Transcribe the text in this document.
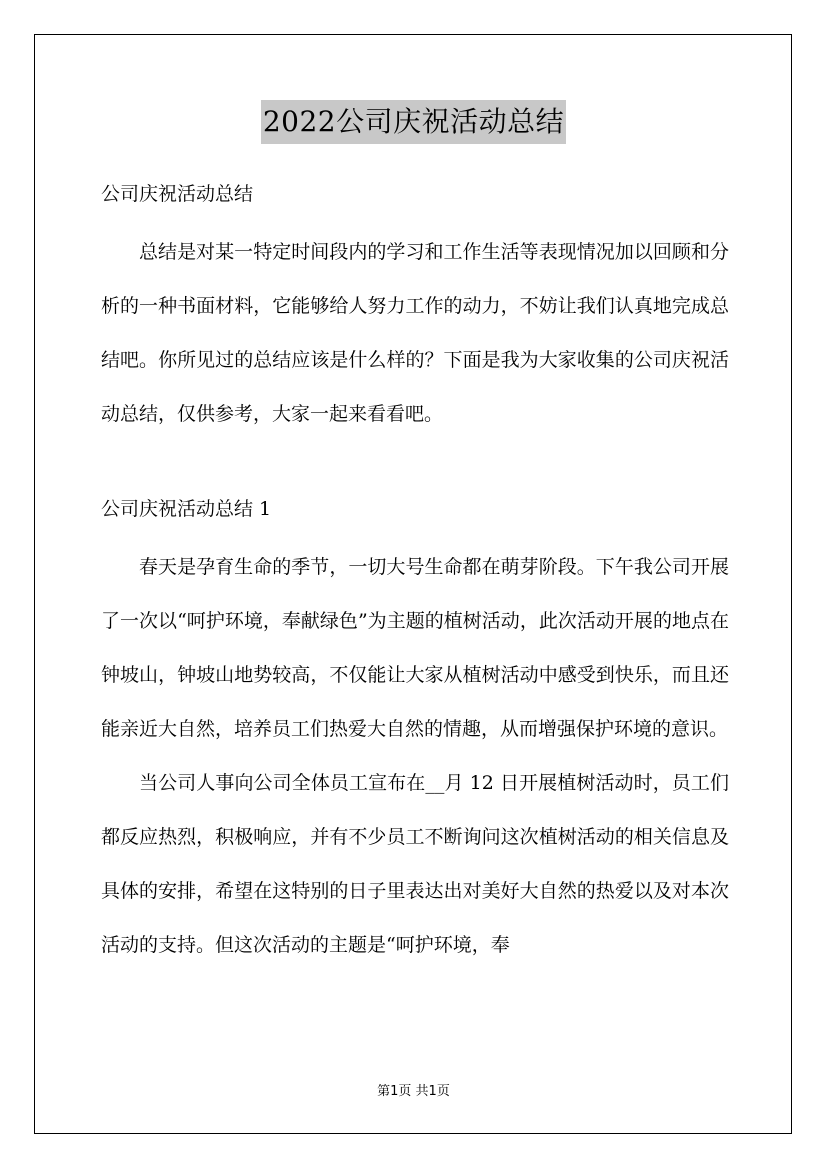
2022公司庆祝活动总结

公司庆祝活动总结

总结是对某一特定时间段内的学习和工作生活等表现情况加以回顾和分析的一种书面材料，它能够给人努力工作的动力，不妨让我们认真地完成总结吧。你所见过的总结应该是什么样的？下面是我为大家收集的公司庆祝活动总结，仅供参考，大家一起来看看吧。

公司庆祝活动总结 1

春天是孕育生命的季节，一切大号生命都在萌芽阶段。下午我公司开展了一次以“呵护环境，奉献绿色”为主题的植树活动，此次活动开展的地点在钟坡山，钟坡山地势较高，不仅能让大家从植树活动中感受到快乐，而且还能亲近大自然，培养员工们热爱大自然的情趣，从而增强保护环境的意识。

当公司人事向公司全体员工宣布在__月 12 日开展植树活动时，员工们都反应热烈，积极响应，并有不少员工不断询问这次植树活动的相关信息及具体的安排，希望在这特别的日子里表达出对美好大自然的热爱以及对本次活动的支持。但这次活动的主题是“呵护环境，奉

第1页 共1页
